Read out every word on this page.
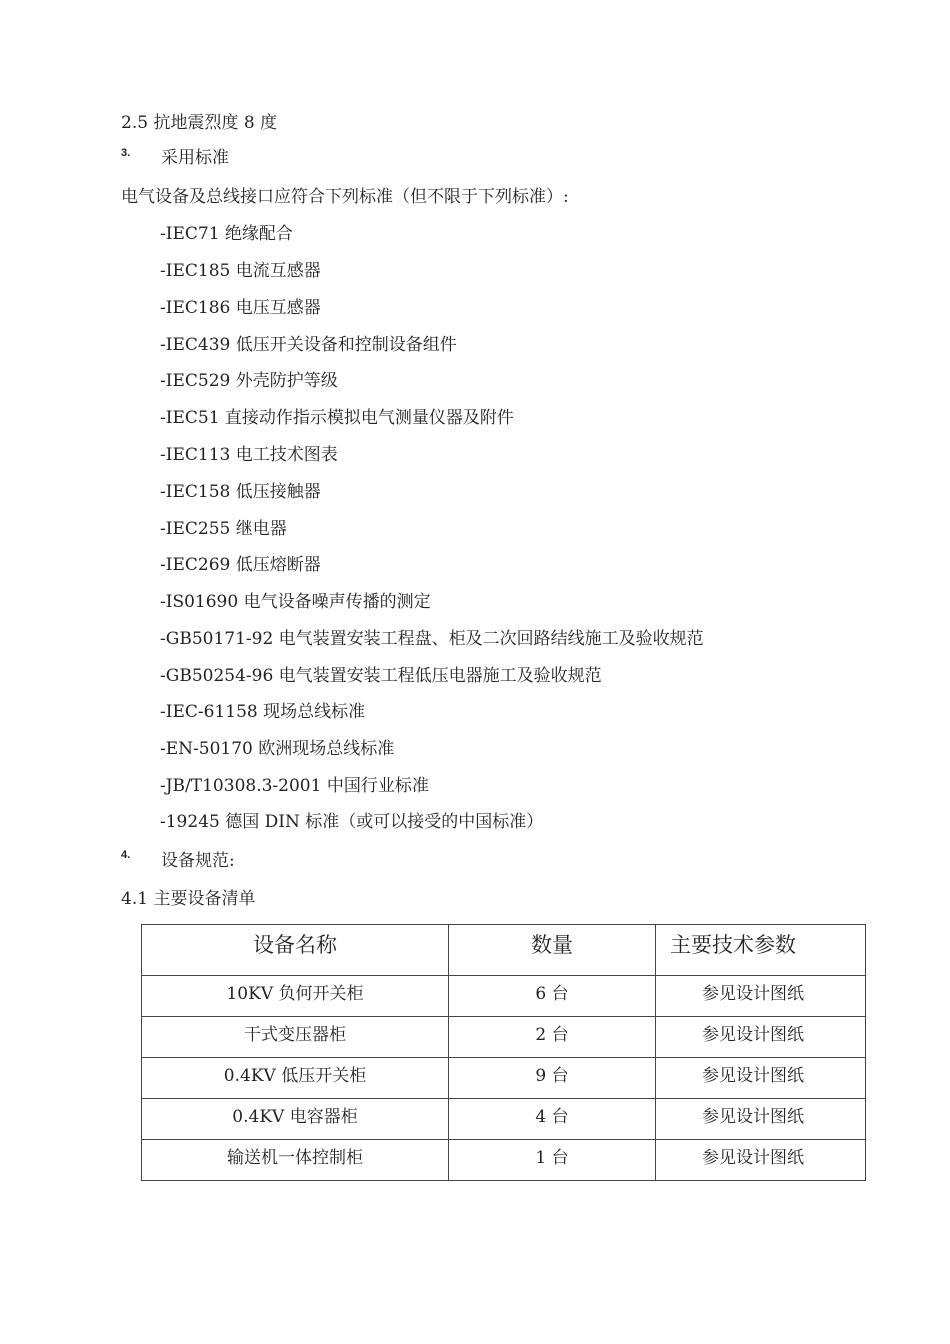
2.5 抗地震烈度 8 度
3. 采用标准
电气设备及总线接口应符合下列标准（但不限于下列标准）:
-IEC71 绝缘配合
-IEC185 电流互感器
-IEC186 电压互感器
-IEC439 低压开关设备和控制设备组件
-IEC529 外壳防护等级
-IEC51 直接动作指示模拟电气测量仪器及附件
-IEC113 电工技术图表
-IEC158 低压接触器
-IEC255 继电器
-IEC269 低压熔断器
-IS01690 电气设备噪声传播的测定
-GB50171-92 电气装置安装工程盘、柜及二次回路结线施工及验收规范
-GB50254-96 电气装置安装工程低压电器施工及验收规范
-IEC-61158 现场总线标准
-EN-50170 欧洲现场总线标准
-JB/T10308.3-2001 中国行业标准
-19245 德国 DIN 标准（或可以接受的中国标准）
4. 设备规范:
4.1 主要设备清单
设备名称	数量	主要技术参数
10KV 负何开关柜	6 台	参见设计图纸
干式变压器柜	2 台	参见设计图纸
0.4KV 低压开关柜	9 台	参见设计图纸
0.4KV 电容器柜	4 台	参见设计图纸
输送机一体控制柜	1 台	参见设计图纸
